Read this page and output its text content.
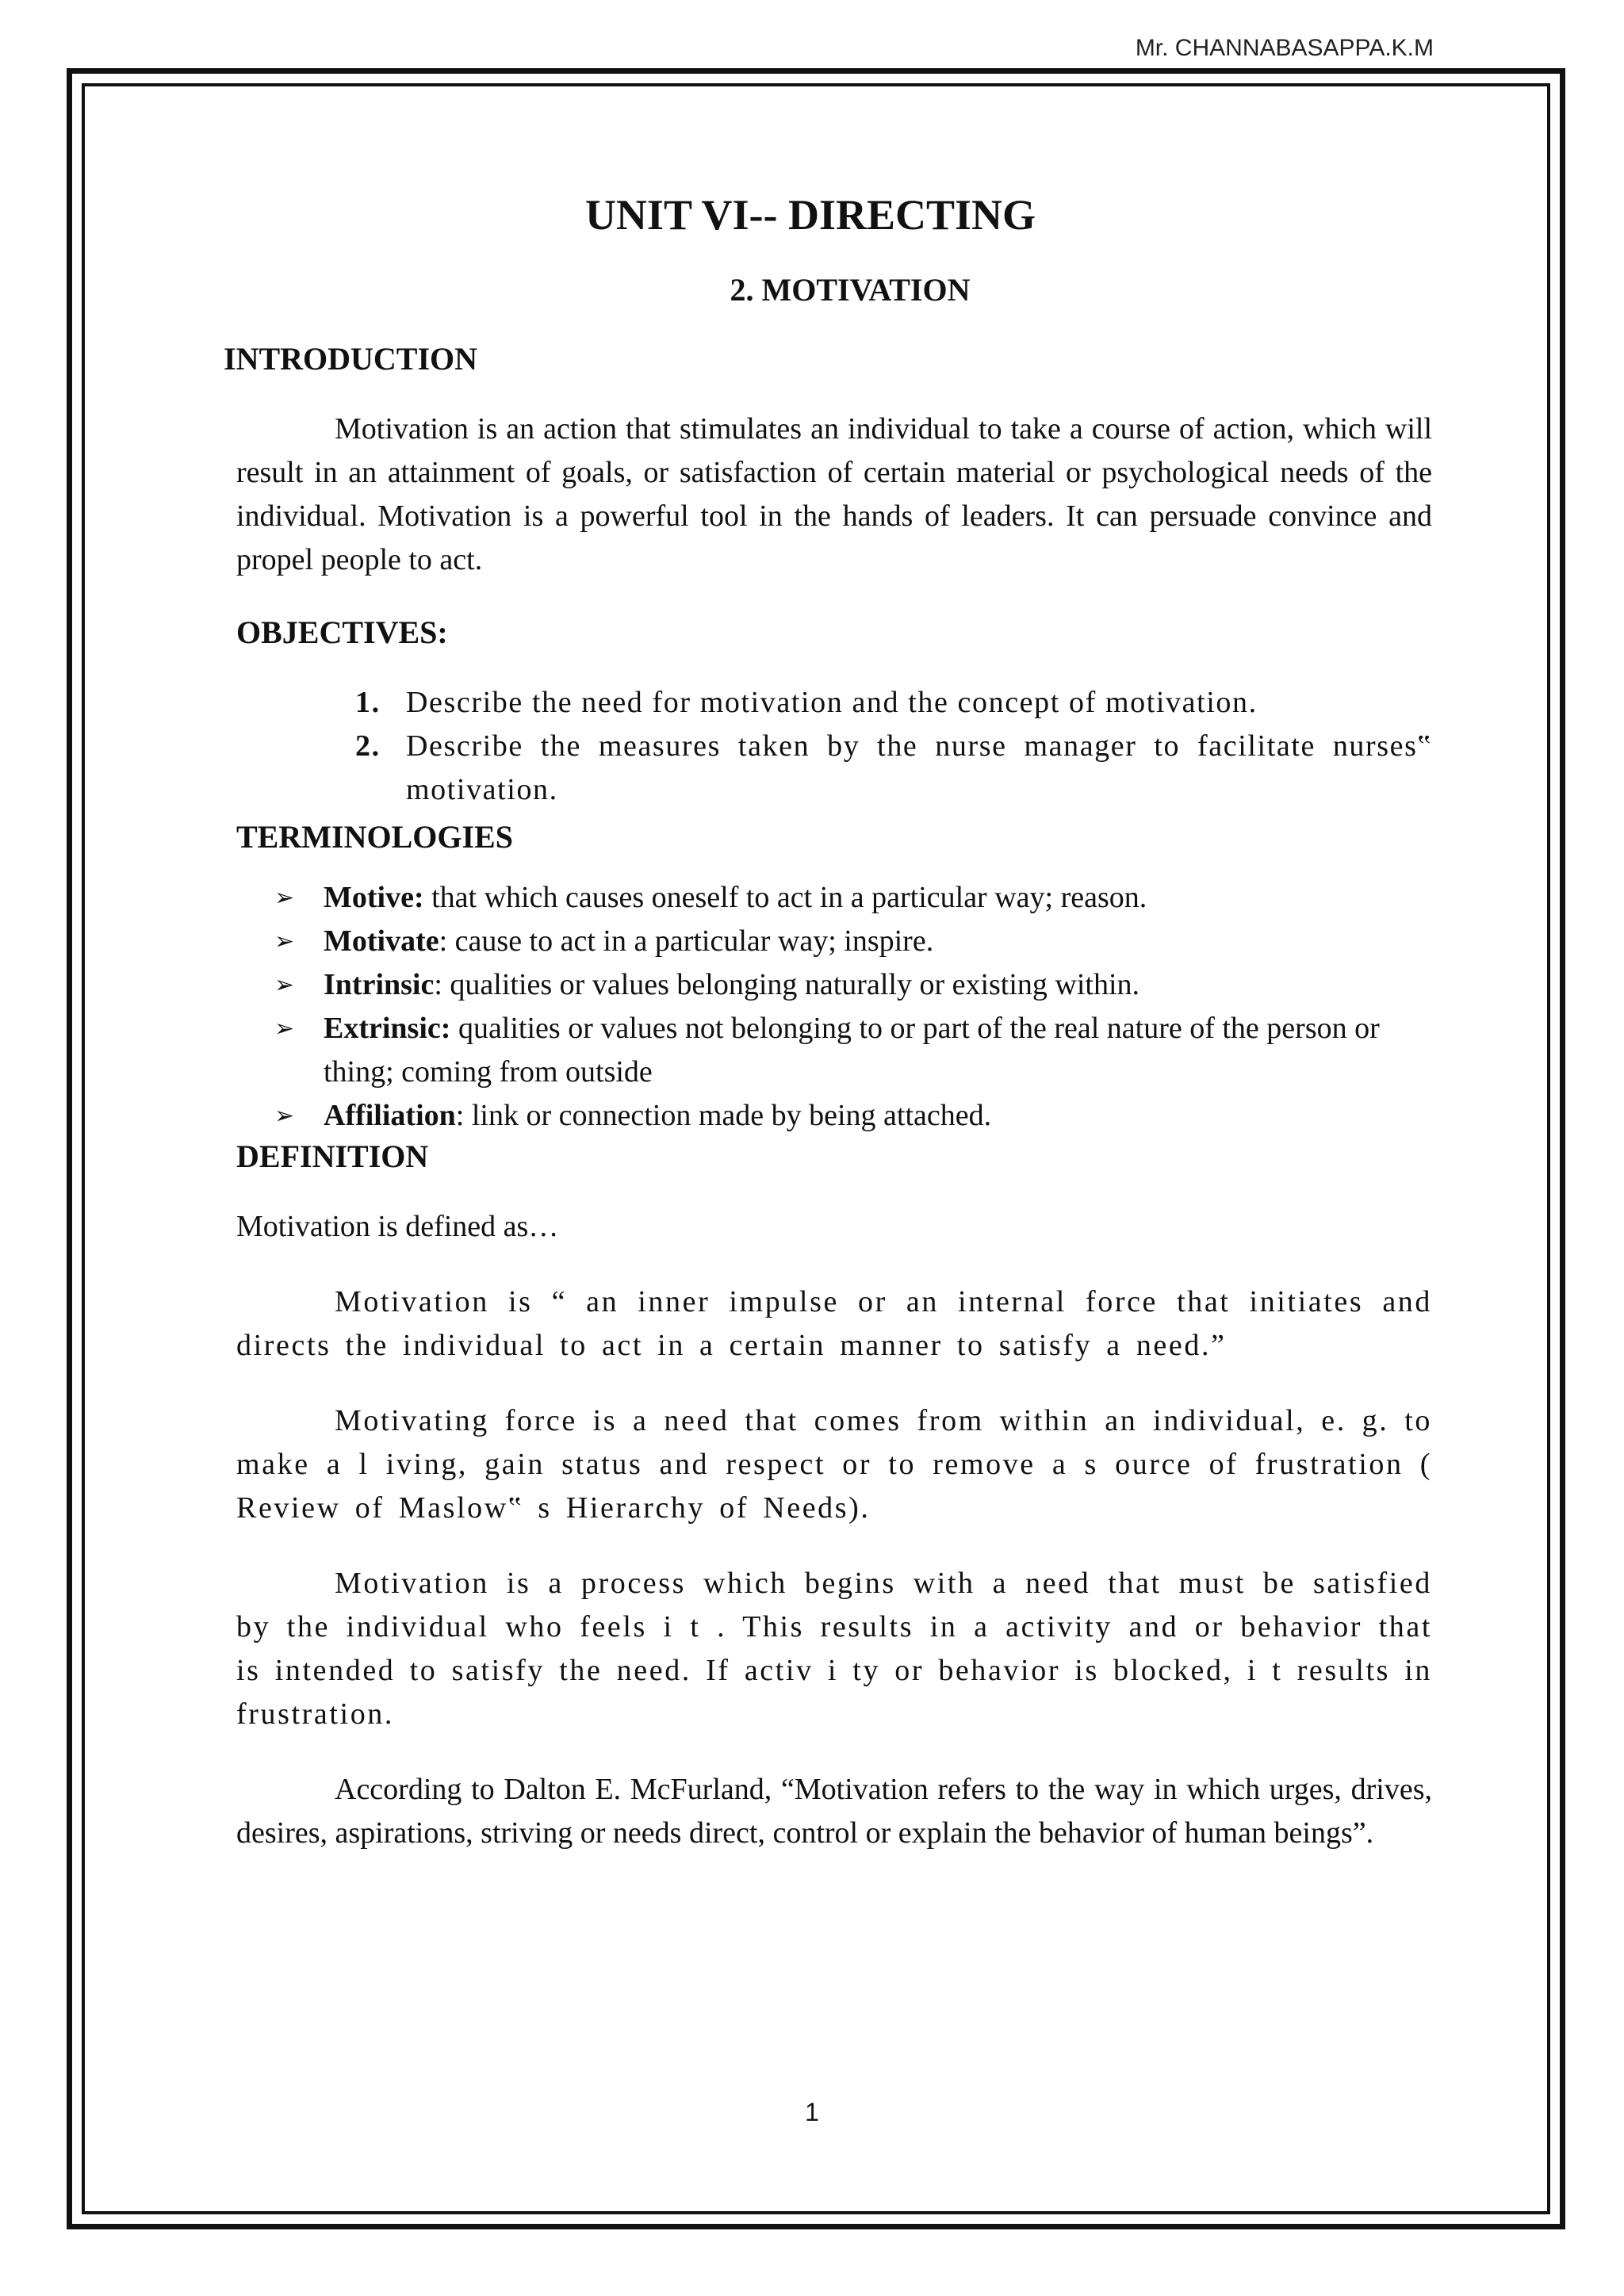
Mr. CHANNABASAPPA.K.M

UNIT VI-- DIRECTING
2. MOTIVATION
INTRODUCTION

Motivation is an action that stimulates an individual to take a course of action, which will result in an attainment of goals, or satisfaction of certain material or psychological needs of the individual. Motivation is a powerful tool in the hands of leaders. It can persuade convince and propel people to act.

OBJECTIVES:
1. Describe the need for motivation and the concept of motivation.
2. Describe the measures taken by the nurse manager to facilitate nurses‟ motivation.
TERMINOLOGIES
➢ Motive: that which causes oneself to act in a particular way; reason.
➢ Motivate: cause to act in a particular way; inspire.
➢ Intrinsic: qualities or values belonging naturally or existing within.
➢ Extrinsic: qualities or values not belonging to or part of the real nature of the person or thing; coming from outside
➢ Affiliation: link or connection made by being attached.
DEFINITION

Motivation is defined as…

Motivation is “ an inner impulse or an internal force that initiates and directs the individual to act in a certain manner to satisfy a need.”

Motivating force is a need that comes from within an individual, e. g. to make a l iving, gain status and respect or to remove a s ource of frustration ( Review of Maslow‟ s Hierarchy of Needs).

Motivation is a process which begins with a need that must be satisfied by the individual who feels i t . This results in a activity and or behavior that is intended to satisfy the need. If activ i ty or behavior is blocked, i t results in frustration.

According to Dalton E. McFurland, “Motivation refers to the way in which urges, drives, desires, aspirations, striving or needs direct, control or explain the behavior of human beings”.

1
